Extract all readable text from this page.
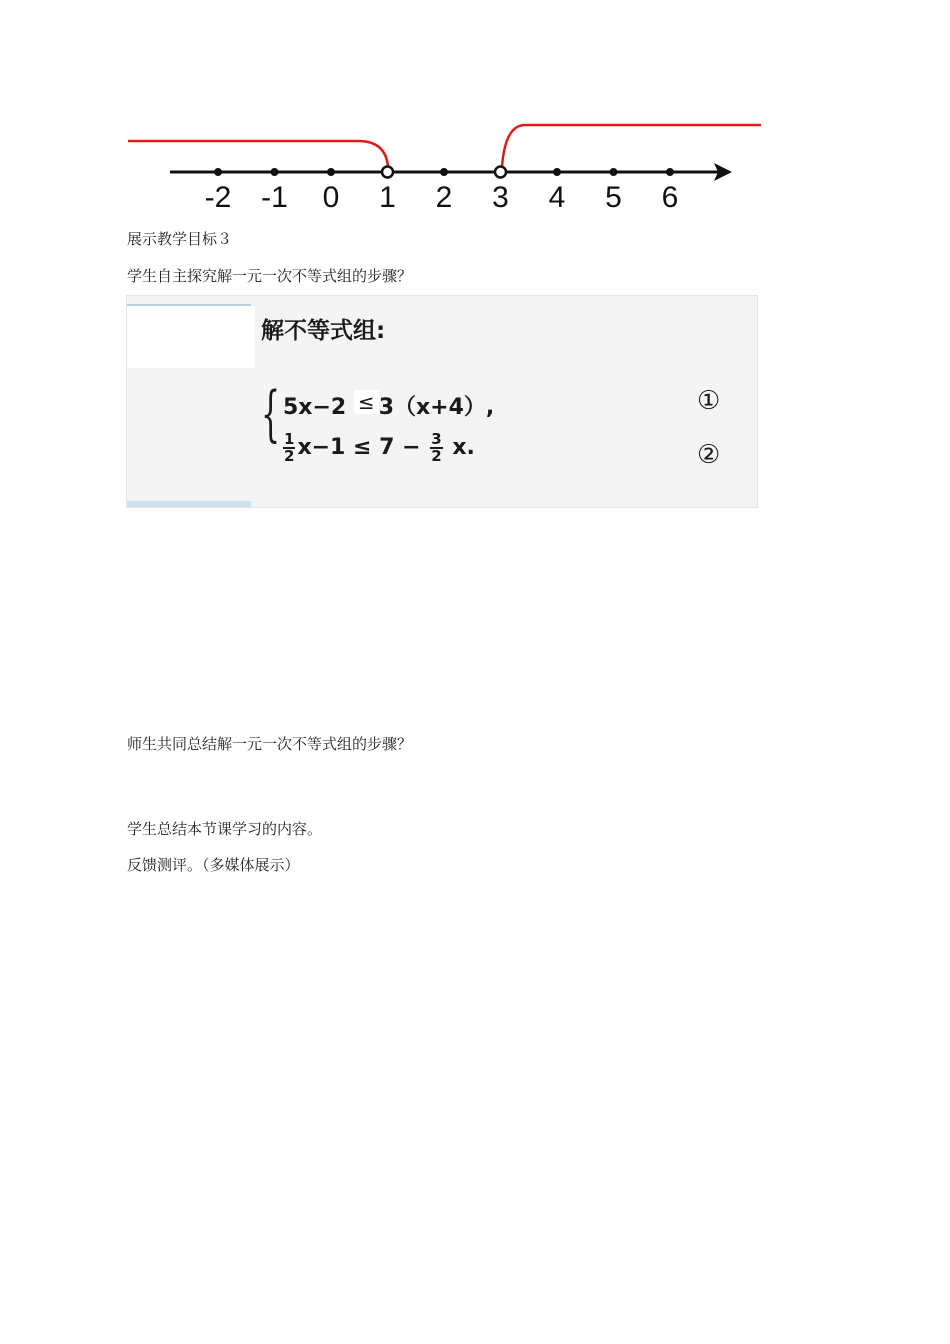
-2 -1 0 1 2 3 4 5 6
展示教学目标３
学生自主探究解一元一次不等式组的步骤？
解不等式组:
{ 5x−2 ≤ 3（x+4）,	①
$\frac{1}{2} x-1 \le 7 - \frac{3}{2} x$.	②
师生共同总结解一元一次不等式组的步骤？
学生总结本节课学习的内容。
反馈测评。（多媒体展示）
